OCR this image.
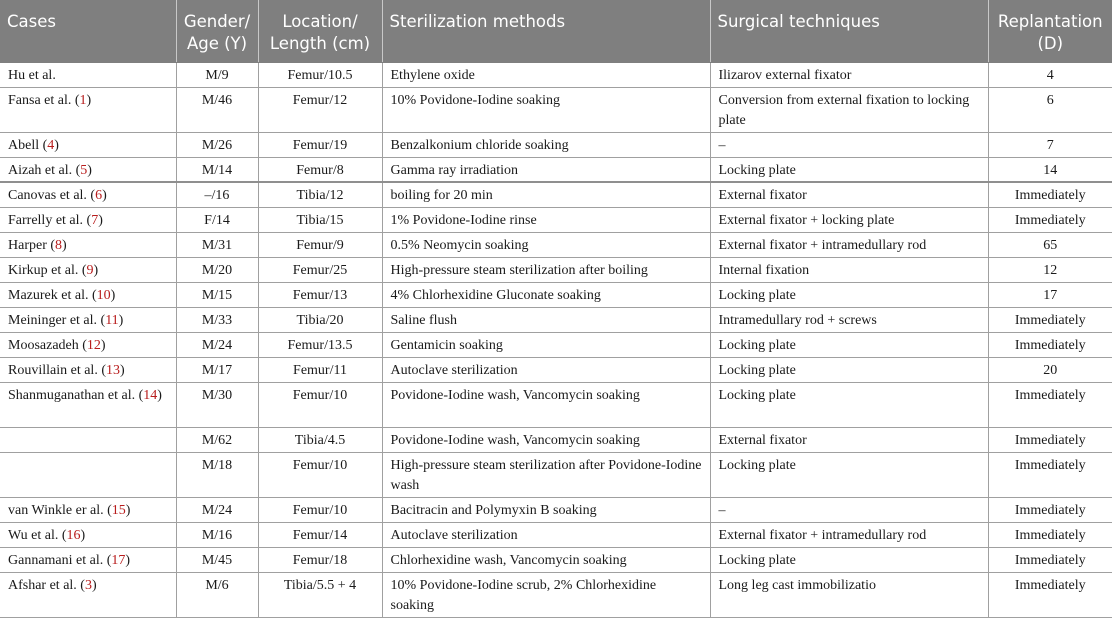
Cases	Gender/ Age (Y)	Location/ Length (cm)	Sterilization methods	Surgical techniques	Replantation (D)
Hu et al.	M/9	Femur/10.5	Ethylene oxide	Ilizarov external fixator	4
Fansa et al. (1)	M/46	Femur/12	10% Povidone-Iodine soaking	Conversion from external fixation to locking plate	6
Abell (4)	M/26	Femur/19	Benzalkonium chloride soaking	–	7
Aizah et al. (5)	M/14	Femur/8	Gamma ray irradiation	Locking plate	14
Canovas et al. (6)	–/16	Tibia/12	boiling for 20 min	External fixator	Immediately
Farrelly et al. (7)	F/14	Tibia/15	1% Povidone-Iodine rinse	External fixator + locking plate	Immediately
Harper (8)	M/31	Femur/9	0.5% Neomycin soaking	External fixator + intramedullary rod	65
Kirkup et al. (9)	M/20	Femur/25	High-pressure steam sterilization after boiling	Internal fixation	12
Mazurek et al. (10)	M/15	Femur/13	4% Chlorhexidine Gluconate soaking	Locking plate	17
Meininger et al. (11)	M/33	Tibia/20	Saline flush	Intramedullary rod + screws	Immediately
Moosazadeh (12)	M/24	Femur/13.5	Gentamicin soaking	Locking plate	Immediately
Rouvillain et al. (13)	M/17	Femur/11	Autoclave sterilization	Locking plate	20
Shanmuganathan et al. (14)	M/30	Femur/10	Povidone-Iodine wash, Vancomycin soaking	Locking plate	Immediately
	M/62	Tibia/4.5	Povidone-Iodine wash, Vancomycin soaking	External fixator	Immediately
	M/18	Femur/10	High-pressure steam sterilization after Povidone-Iodine wash	Locking plate	Immediately
van Winkle er al. (15)	M/24	Femur/10	Bacitracin and Polymyxin B soaking	–	Immediately
Wu et al. (16)	M/16	Femur/14	Autoclave sterilization	External fixator + intramedullary rod	Immediately
Gannamani et al. (17)	M/45	Femur/18	Chlorhexidine wash, Vancomycin soaking	Locking plate	Immediately
Afshar et al. (3)	M/6	Tibia/5.5 + 4	10% Povidone-Iodine scrub, 2% Chlorhexidine soaking	Long leg cast immobilizatio	Immediately
